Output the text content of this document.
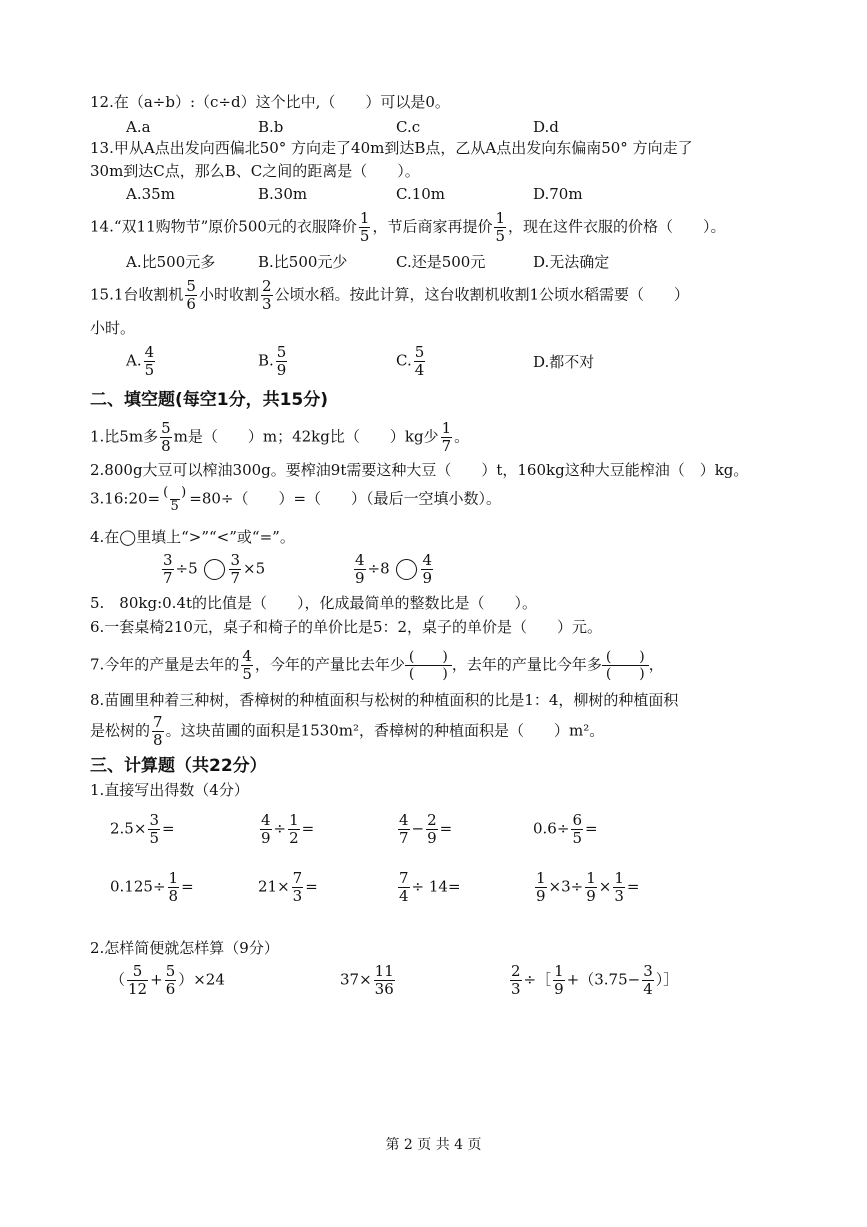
12.在（a÷b）:（c÷d）这个比中,（　　）可以是0。
A.a	B.b	C.c	D.d
13.甲从A点出发向西偏北50° 方向走了40m到达B点，乙从A点出发向东偏南50° 方向走了
30m到达C点，那么B、C之间的距离是（　　）。
A.35m	B.30m	C.10m	D.70m
14.“双11购物节”原价500元的衣服降价 $\frac{1}{5}$ ，节后商家再提价 $\frac{1}{5}$ ，现在这件衣服的价格（　　）。
A.比500元多	B.比500元少	C.还是500元	D.无法确定
15.1台收割机 $\frac{5}{6}$ 小时收割 $\frac{2}{3}$ 公顷水稻。按此计算，这台收割机收割1公顷水稻需要（　　）
小时。
A. $\frac{4}{5}$	B. $\frac{5}{9}$	C. $\frac{5}{4}$	D.都不对
二、填空题(每空1分，共15分)
1.比5m多 $\frac{5}{8}$ m是（　　）m；42kg比（　　）kg少 $\frac{1}{7}$ 。
2.800g大豆可以榨油300g。要榨油9t需要这种大豆（　　）t，160kg这种大豆能榨油（　）kg。
3.16:20= (　)
5 =80÷（　　）=（　　）（最后一空填小数）。
4.在◯里填上“>”“<”或“=”。
$\frac{3}{7} \div 5 \frac{3}{7} \times 5$	$\frac{4}{9} \div 8 \frac{4}{9}$
5.　80kg:0.4t的比值是（　　），化成最简单的整数比是（　　）。
6.一套桌椅210元，桌子和椅子的单价比是5：2，桌子的单价是（　　）元。
7.今年的产量是去年的 $\frac{4}{5}$ ，今年的产量比去年少 (　　)
(　　)
，去年的产量比今年多 (　　)
(　　)
，
8.苗圃里种着三种树，香樟树的种植面积与松树的种植面积的比是1：4，柳树的种植面积
是松树的 $\frac{7}{8}$ 。这块苗圃的面积是1530m²，香樟树的种植面积是（　　）m²。
三、计算题（共22分）
1.直接写出得数（4分）
$2.5\times \frac{3}{5}$ =	$\frac{4}{9} \div \frac{1}{2}$ =	$\frac{4}{7} - \frac{2}{9}$ =	$0.6\div \frac{6}{5}$ =
$0.125\div \frac{1}{8}$ =	$21\times \frac{7}{3}$ =	$\frac{7}{4} \div 14=$	$\frac{1}{9} \times 3\div \frac{1}{9} \times \frac{1}{3}$ =
2.怎样简便就怎样算（9分）
（ $\frac{5}{12} + \frac{5}{6} )\times 24$	$37\times \frac{11}{36}$	$\frac{2}{3}$ ÷［ $\frac{1}{9} +(3.75- \frac{3}{4}$ ）］
第 2 页 共 4 页
